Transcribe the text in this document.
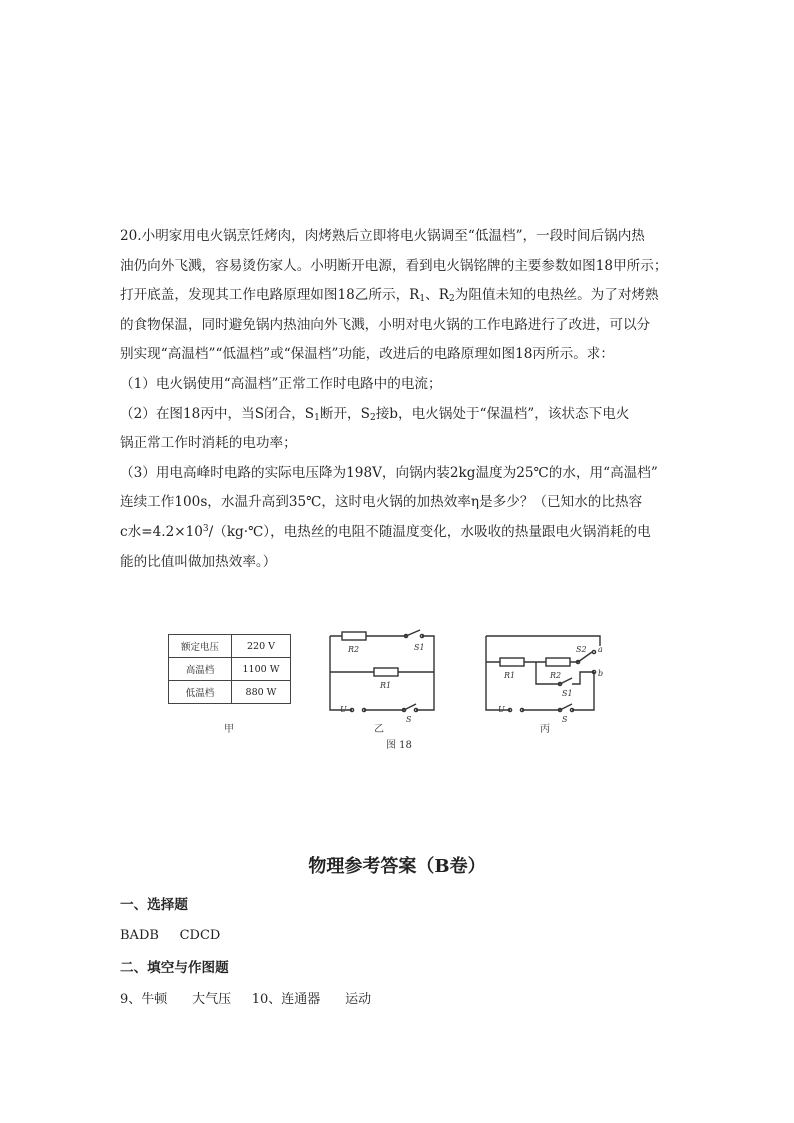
20.小明家用电火锅烹饪烤肉，肉烤熟后立即将电火锅调至“低温档”，一段时间后锅内热
油仍向外飞溅，容易烫伤家人。小明断开电源，看到电火锅铭牌的主要参数如图18甲所示；
打开底盖，发现其工作电路原理如图18乙所示，$R_1$、$R_2$为阻值未知的电热丝。为了对烤熟
的食物保温，同时避免锅内热油向外飞溅，小明对电火锅的工作电路进行了改进，可以分
别实现“高温档”“低温档”或“保温档”功能，改进后的电路原理如图18丙所示。求：
（1）电火锅使用“高温档”正常工作时电路中的电流；
（2）在图18丙中，当S闭合，$S_1$断开，$S_2$接b，电火锅处于“保温档”，该状态下电火
锅正常工作时消耗的电功率；
（3）用电高峰时电路的实际电压降为198V，向锅内装2kg温度为25℃的水，用“高温档”
连续工作100s，水温升高到35℃，这时电火锅的加热效率η是多少？（已知水的比热容
c水$=4.2\times 10^3/(kg\cdot℃)$，电热丝的电阻不随温度变化，水吸收的热量跟电火锅消耗的电
能的比值叫做加热效率。）
额定电压	220 V
高温档	1100 W
低温档	880 W
甲
R2
R1
S1
U
S
乙
R1	R2
S2 a
b
S1
U
S
丙
图 18
物理参考答案（B卷）
一、选择题
BADB     CDCD
二、填空与作图题
9、牛顿      大气压     10、连通器      运动
